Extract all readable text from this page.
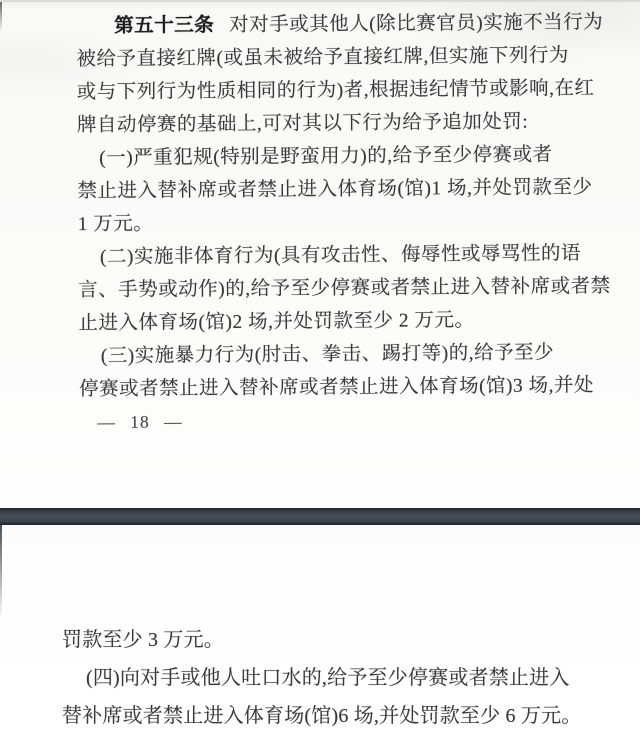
第五十三条 对对手或其他人(除比赛官员)实施不当行为
被给予直接红牌(或虽未被给予直接红牌,但实施下列行为
或与下列行为性质相同的行为)者,根据违纪情节或影响,在红
牌自动停赛的基础上,可对其以下行为给予追加处罚:
(一)严重犯规(特别是野蛮用力)的,给予至少停赛或者
禁止进入替补席或者禁止进入体育场(馆)1 场,并处罚款至少
1 万元。
(二)实施非体育行为(具有攻击性、侮辱性或辱骂性的语
言、手势或动作)的,给予至少停赛或者禁止进入替补席或者禁
止进入体育场(馆)2 场,并处罚款至少 2 万元。
(三)实施暴力行为(肘击、拳击、踢打等)的,给予至少
停赛或者禁止进入替补席或者禁止进入体育场(馆)3 场,并处
— 18 —
罚款至少 3 万元。
(四)向对手或他人吐口水的,给予至少停赛或者禁止进入
替补席或者禁止进入体育场(馆)6 场,并处罚款至少 6 万元。
